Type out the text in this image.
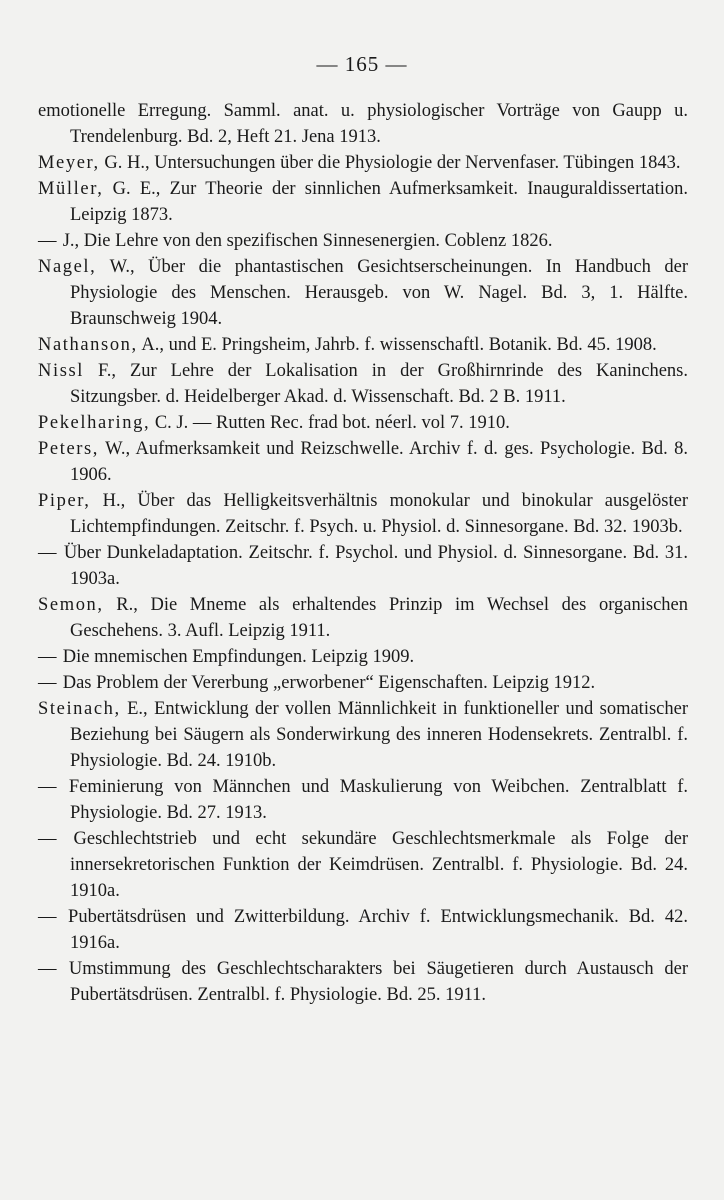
— 165 —

emotionelle Erregung. Samml. anat. u. physiologischer Vorträge von Gaupp u. Trendelenburg. Bd. 2, Heft 21. Jena 1913.

Meyer, G. H., Untersuchungen über die Physiologie der Nervenfaser. Tübingen 1843.

Müller, G. E., Zur Theorie der sinnlichen Aufmerksamkeit. Inauguraldissertation. Leipzig 1873.

— J., Die Lehre von den spezifischen Sinnesenergien. Coblenz 1826.

Nagel, W., Über die phantastischen Gesichtserscheinungen. In Handbuch der Physiologie des Menschen. Herausgeb. von W. Nagel. Bd. 3, 1. Hälfte. Braunschweig 1904.

Nathanson, A., und E. Pringsheim, Jahrb. f. wissenschaftl. Botanik. Bd. 45. 1908.

Nissl F., Zur Lehre der Lokalisation in der Großhirnrinde des Kaninchens. Sitzungsber. d. Heidelberger Akad. d. Wissenschaft. Bd. 2 B. 1911.

Pekelharing, C. J. — Rutten Rec. frad bot. néerl. vol 7. 1910.

Peters, W., Aufmerksamkeit und Reizschwelle. Archiv f. d. ges. Psychologie. Bd. 8. 1906.

Piper, H., Über das Helligkeitsverhältnis monokular und binokular ausgelöster Lichtempfindungen. Zeitschr. f. Psych. u. Physiol. d. Sinnesorgane. Bd. 32. 1903b.

— Über Dunkeladaptation. Zeitschr. f. Psychol. und Physiol. d. Sinnesorgane. Bd. 31. 1903a.

Semon, R., Die Mneme als erhaltendes Prinzip im Wechsel des organischen Geschehens. 3. Aufl. Leipzig 1911.

— Die mnemischen Empfindungen. Leipzig 1909.

— Das Problem der Vererbung „erworbener“ Eigenschaften. Leipzig 1912.

Steinach, E., Entwicklung der vollen Männlichkeit in funktioneller und somatischer Beziehung bei Säugern als Sonderwirkung des inneren Hodensekrets. Zentralbl. f. Physiologie. Bd. 24. 1910b.

— Feminierung von Männchen und Maskulierung von Weibchen. Zentralblatt f. Physiologie. Bd. 27. 1913.

— Geschlechtstrieb und echt sekundäre Geschlechtsmerkmale als Folge der innersekretorischen Funktion der Keimdrüsen. Zentralbl. f. Physiologie. Bd. 24. 1910a.

— Pubertätsdrüsen und Zwitterbildung. Archiv f. Entwicklungsmechanik. Bd. 42. 1916a.

— Umstimmung des Geschlechtscharakters bei Säugetieren durch Austausch der Pubertätsdrüsen. Zentralbl. f. Physiologie. Bd. 25. 1911.
